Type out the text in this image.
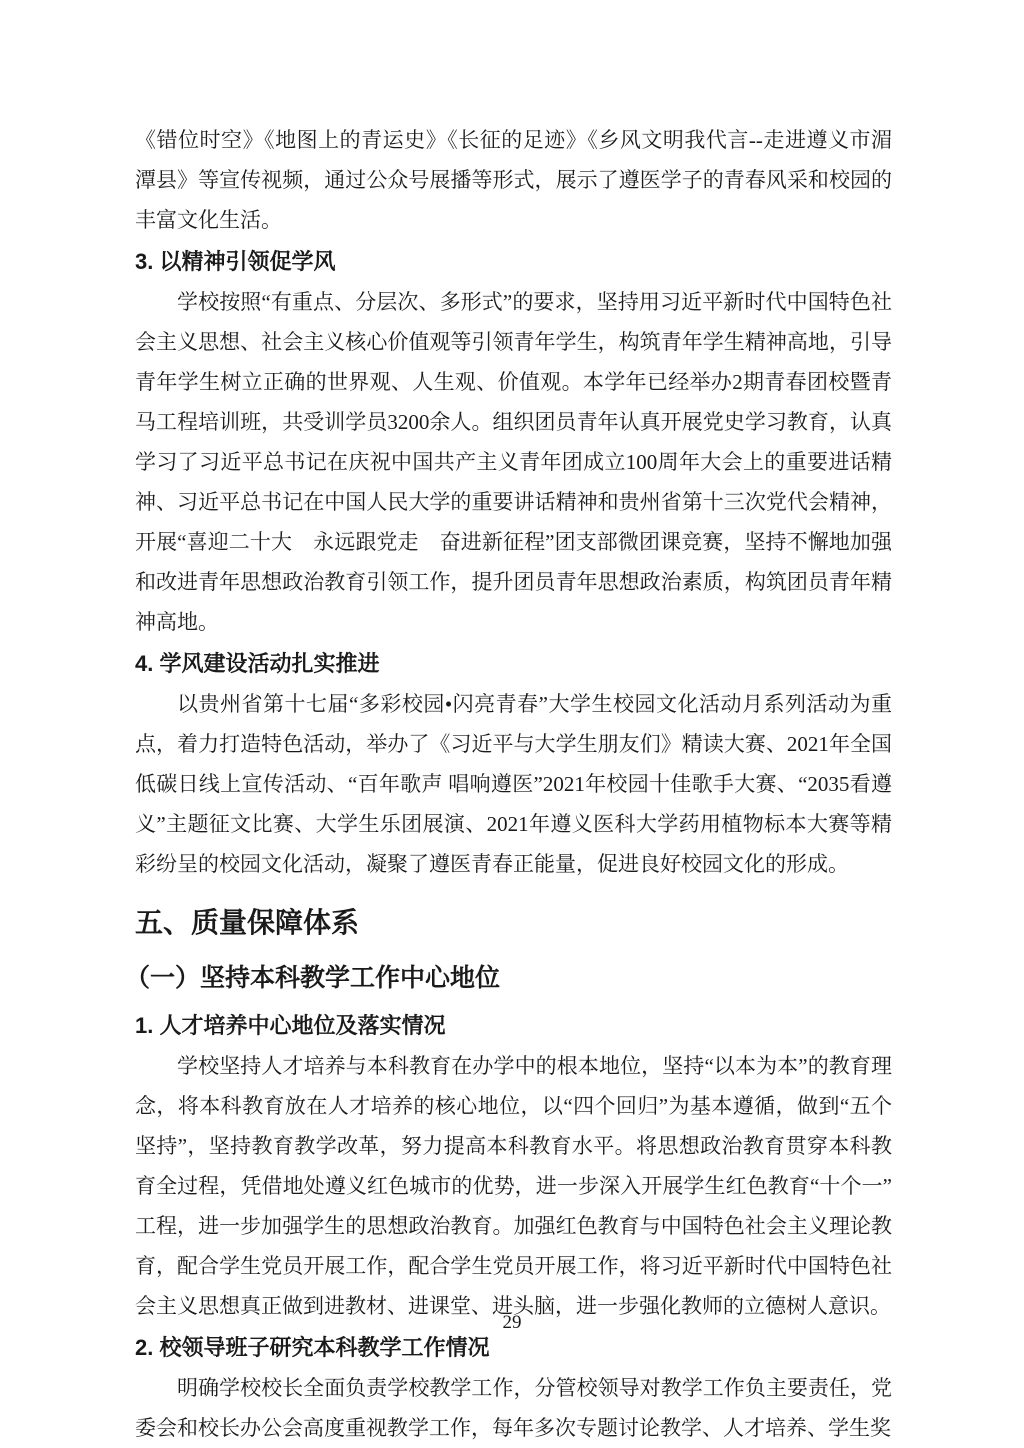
《错位时空》《地图上的青运史》《长征的足迹》《乡风文明我代言--走进遵义市湄潭县》等宣传视频，通过公众号展播等形式，展示了遵医学子的青春风采和校园的丰富文化生活。

3. 以精神引领促学风

学校按照“有重点、分层次、多形式”的要求，坚持用习近平新时代中国特色社会主义思想、社会主义核心价值观等引领青年学生，构筑青年学生精神高地，引导青年学生树立正确的世界观、人生观、价值观。本学年已经举办2期青春团校暨青马工程培训班，共受训学员3200余人。组织团员青年认真开展党史学习教育，认真学习了习近平总书记在庆祝中国共产主义青年团成立100周年大会上的重要进话精神、习近平总书记在中国人民大学的重要讲话精神和贵州省第十三次党代会精神，开展“喜迎二十大　永远跟党走　奋进新征程”团支部微团课竞赛，坚持不懈地加强和改进青年思想政治教育引领工作，提升团员青年思想政治素质，构筑团员青年精神高地。

4. 学风建设活动扎实推进

以贵州省第十七届“多彩校园•闪亮青春”大学生校园文化活动月系列活动为重点，着力打造特色活动，举办了《习近平与大学生朋友们》精读大赛、2021年全国低碳日线上宣传活动、“百年歌声 唱响遵医”2021年校园十佳歌手大赛、“2035看遵义”主题征文比赛、大学生乐团展演、2021年遵义医科大学药用植物标本大赛等精彩纷呈的校园文化活动，凝聚了遵医青春正能量，促进良好校园文化的形成。

五、质量保障体系
（一）坚持本科教学工作中心地位
1. 人才培养中心地位及落实情况

学校坚持人才培养与本科教育在办学中的根本地位，坚持“以本为本”的教育理念，将本科教育放在人才培养的核心地位，以“四个回归”为基本遵循，做到“五个坚持”，坚持教育教学改革，努力提高本科教育水平。将思想政治教育贯穿本科教育全过程，凭借地处遵义红色城市的优势，进一步深入开展学生红色教育“十个一”工程，进一步加强学生的思想政治教育。加强红色教育与中国特色社会主义理论教育，配合学生党员开展工作，配合学生党员开展工作，将习近平新时代中国特色社会主义思想真正做到进教材、进课堂、进头脑，进一步强化教师的立德树人意识。

2. 校领导班子研究本科教学工作情况

明确学校校长全面负责学校教学工作，分管校领导对教学工作负主要责任，党委会和校长办公会高度重视教学工作，每年多次专题讨论教学、人才培养、学生奖

29
